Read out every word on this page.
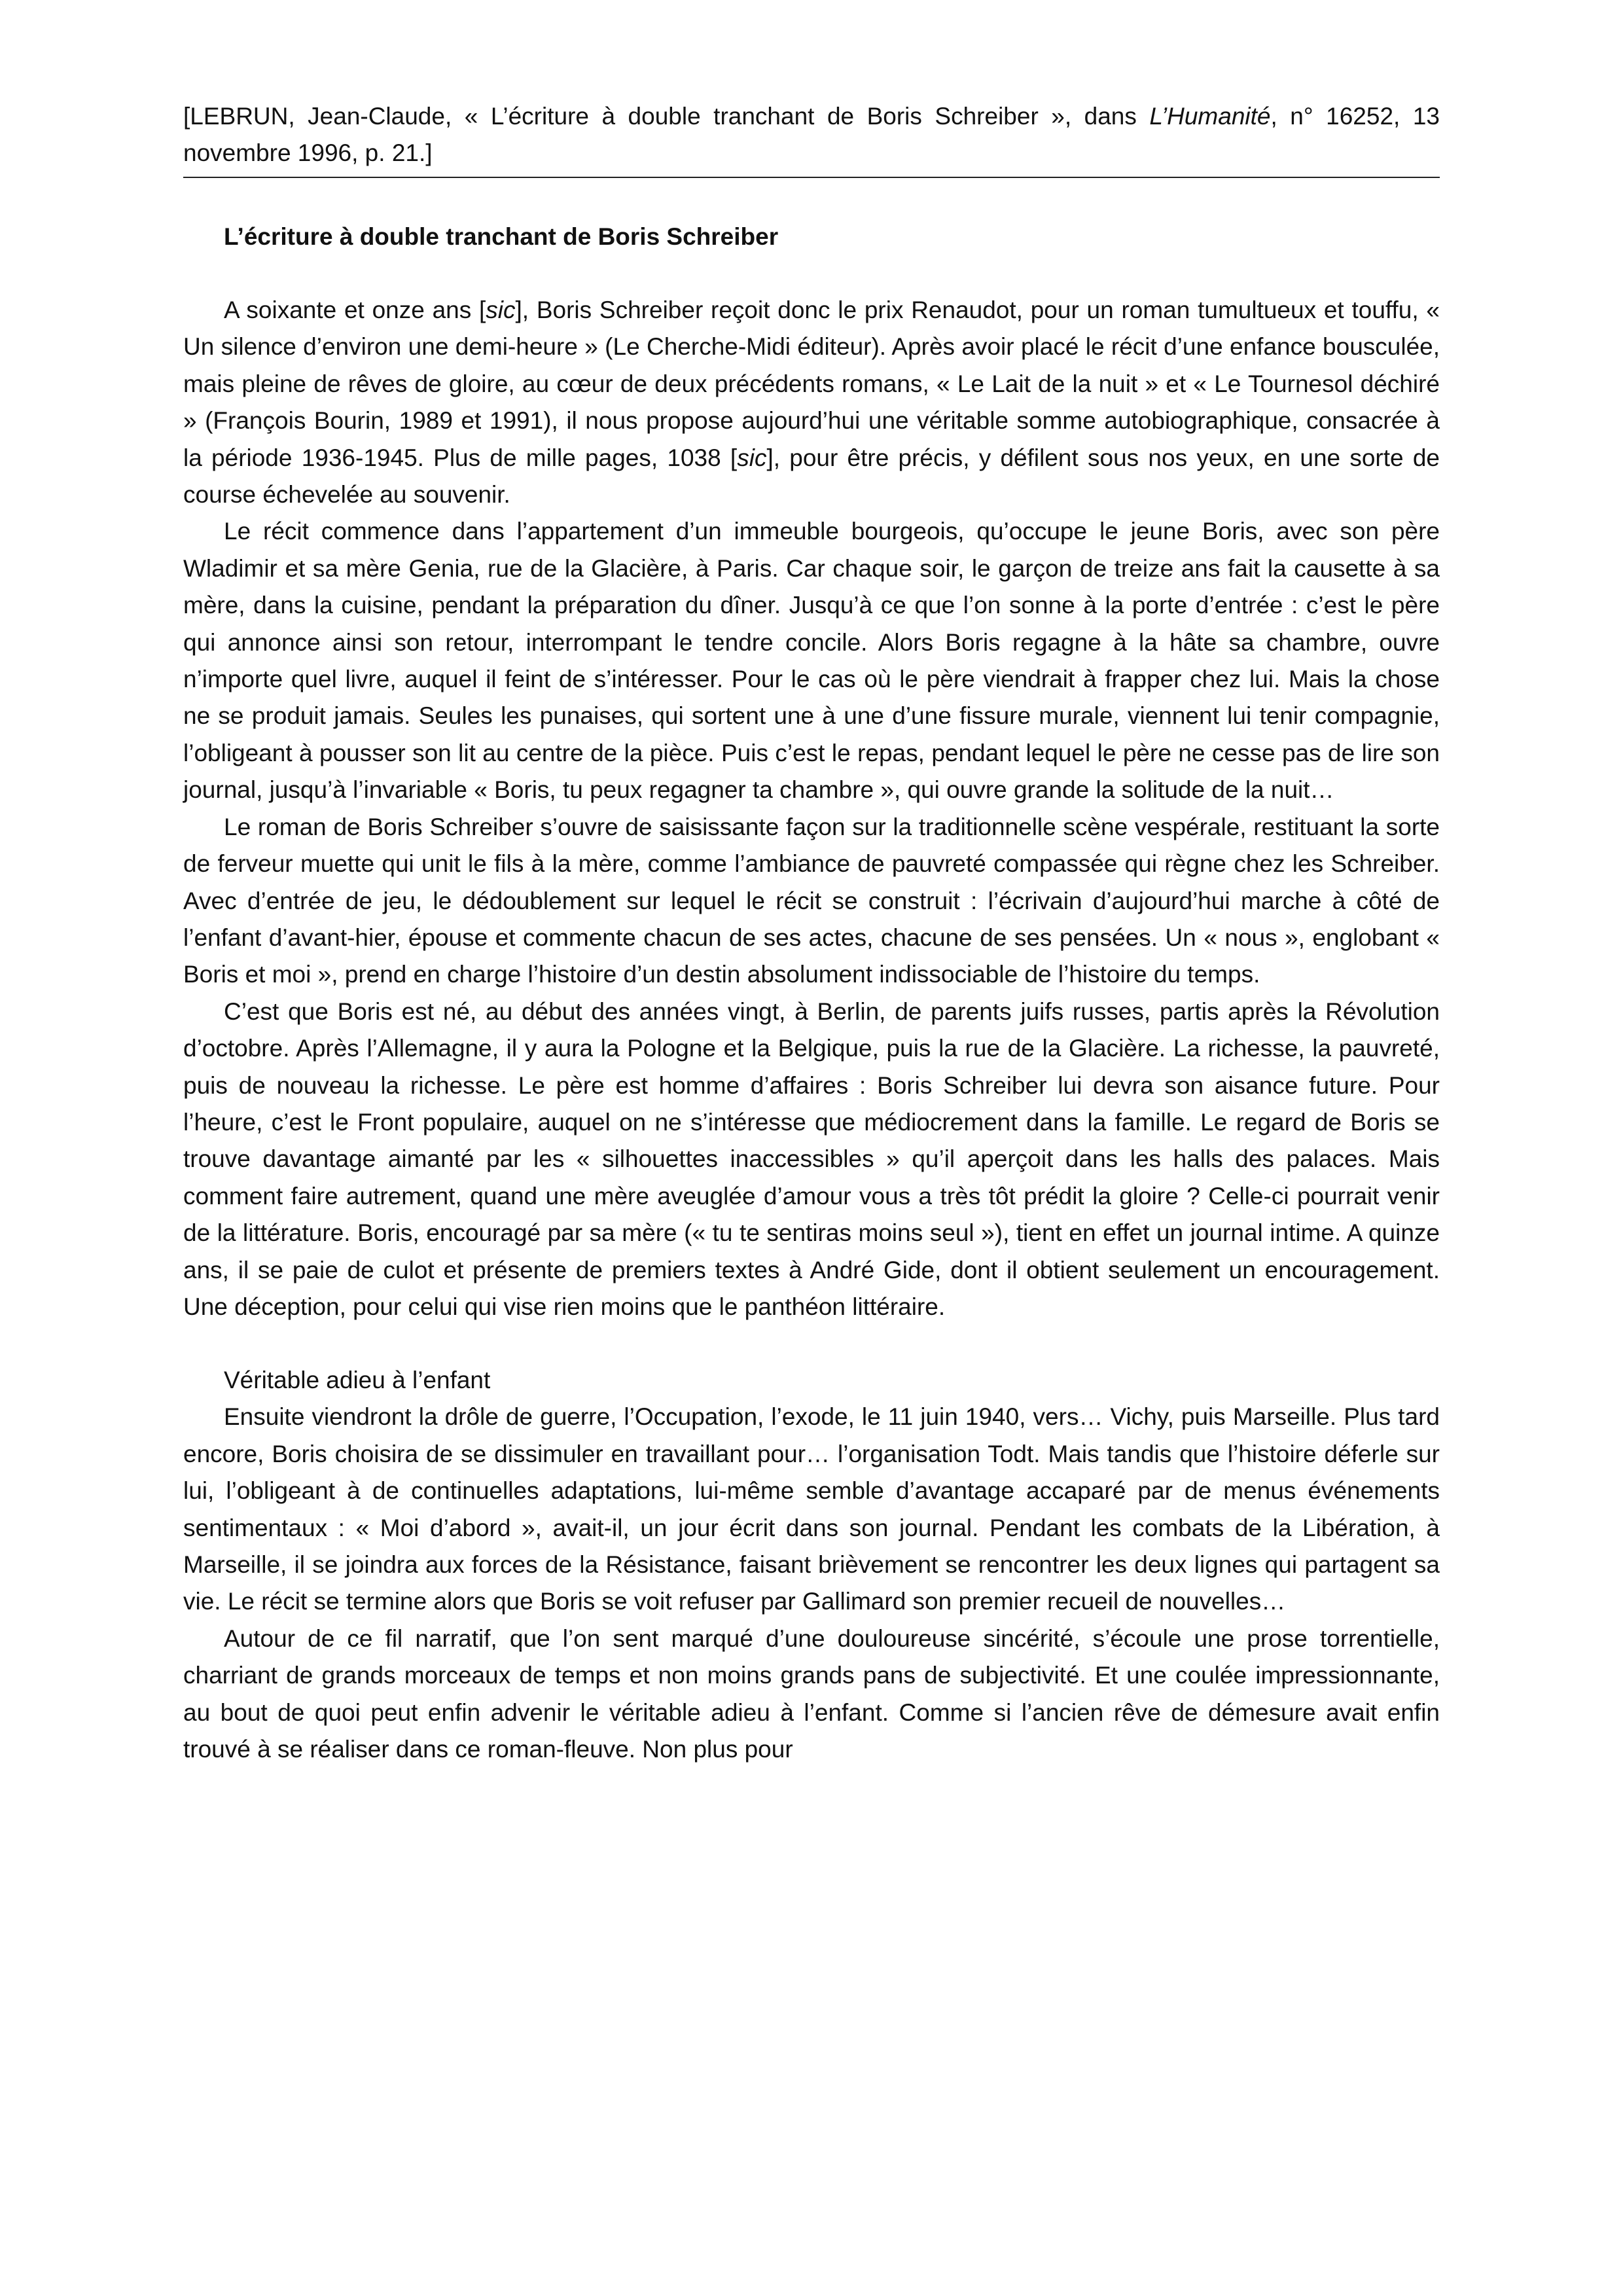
[LEBRUN, Jean-Claude, « L’écriture à double tranchant de Boris Schreiber », dans L’Humanité, n° 16252, 13 novembre 1996, p. 21.]
L’écriture à double tranchant de Boris Schreiber

A soixante et onze ans [sic], Boris Schreiber reçoit donc le prix Renaudot, pour un roman tumultueux et touffu, « Un silence d’environ une demi-heure » (Le Cherche-Midi éditeur). Après avoir placé le récit d’une enfance bousculée, mais pleine de rêves de gloire, au cœur de deux précédents romans, « Le Lait de la nuit » et « Le Tournesol déchiré » (François Bourin, 1989 et 1991), il nous propose aujourd’hui une véritable somme autobiographique, consacrée à la période 1936-1945. Plus de mille pages, 1038 [sic], pour être précis, y défilent sous nos yeux, en une sorte de course échevelée au souvenir.

Le récit commence dans l’appartement d’un immeuble bourgeois, qu’occupe le jeune Boris, avec son père Wladimir et sa mère Genia, rue de la Glacière, à Paris. Car chaque soir, le garçon de treize ans fait la causette à sa mère, dans la cuisine, pendant la préparation du dîner. Jusqu’à ce que l’on sonne à la porte d’entrée : c’est le père qui annonce ainsi son retour, interrompant le tendre concile. Alors Boris regagne à la hâte sa chambre, ouvre n’importe quel livre, auquel il feint de s’intéresser. Pour le cas où le père viendrait à frapper chez lui. Mais la chose ne se produit jamais. Seules les punaises, qui sortent une à une d’une fissure murale, viennent lui tenir compagnie, l’obligeant à pousser son lit au centre de la pièce. Puis c’est le repas, pendant lequel le père ne cesse pas de lire son journal, jusqu’à l’invariable « Boris, tu peux regagner ta chambre », qui ouvre grande la solitude de la nuit…

Le roman de Boris Schreiber s’ouvre de saisissante façon sur la traditionnelle scène vespérale, restituant la sorte de ferveur muette qui unit le fils à la mère, comme l’ambiance de pauvreté compassée qui règne chez les Schreiber. Avec d’entrée de jeu, le dédoublement sur lequel le récit se construit : l’écrivain d’aujourd’hui marche à côté de l’enfant d’avant-hier, épouse et commente chacun de ses actes, chacune de ses pensées. Un « nous », englobant « Boris et moi », prend en charge l’histoire d’un destin absolument indissociable de l’histoire du temps.

C’est que Boris est né, au début des années vingt, à Berlin, de parents juifs russes, partis après la Révolution d’octobre. Après l’Allemagne, il y aura la Pologne et la Belgique, puis la rue de la Glacière. La richesse, la pauvreté, puis de nouveau la richesse. Le père est homme d’affaires : Boris Schreiber lui devra son aisance future. Pour l’heure, c’est le Front populaire, auquel on ne s’intéresse que médiocrement dans la famille. Le regard de Boris se trouve davantage aimanté par les « silhouettes inaccessibles » qu’il aperçoit dans les halls des palaces. Mais comment faire autrement, quand une mère aveuglée d’amour vous a très tôt prédit la gloire ? Celle-ci pourrait venir de la littérature. Boris, encouragé par sa mère (« tu te sentiras moins seul »), tient en effet un journal intime. A quinze ans, il se paie de culot et présente de premiers textes à André Gide, dont il obtient seulement un encouragement. Une déception, pour celui qui vise rien moins que le panthéon littéraire.

Véritable adieu à l’enfant

Ensuite viendront la drôle de guerre, l’Occupation, l’exode, le 11 juin 1940, vers… Vichy, puis Marseille. Plus tard encore, Boris choisira de se dissimuler en travaillant pour… l’organisation Todt. Mais tandis que l’histoire déferle sur lui, l’obligeant à de continuelles adaptations, lui-même semble d’avantage accaparé par de menus événements sentimentaux : « Moi d’abord », avait-il, un jour écrit dans son journal. Pendant les combats de la Libération, à Marseille, il se joindra aux forces de la Résistance, faisant brièvement se rencontrer les deux lignes qui partagent sa vie. Le récit se termine alors que Boris se voit refuser par Gallimard son premier recueil de nouvelles…

Autour de ce fil narratif, que l’on sent marqué d’une douloureuse sincérité, s’écoule une prose torrentielle, charriant de grands morceaux de temps et non moins grands pans de subjectivité. Et une coulée impressionnante, au bout de quoi peut enfin advenir le véritable adieu à l’enfant. Comme si l’ancien rêve de démesure avait enfin trouvé à se réaliser dans ce roman-fleuve. Non plus pour
